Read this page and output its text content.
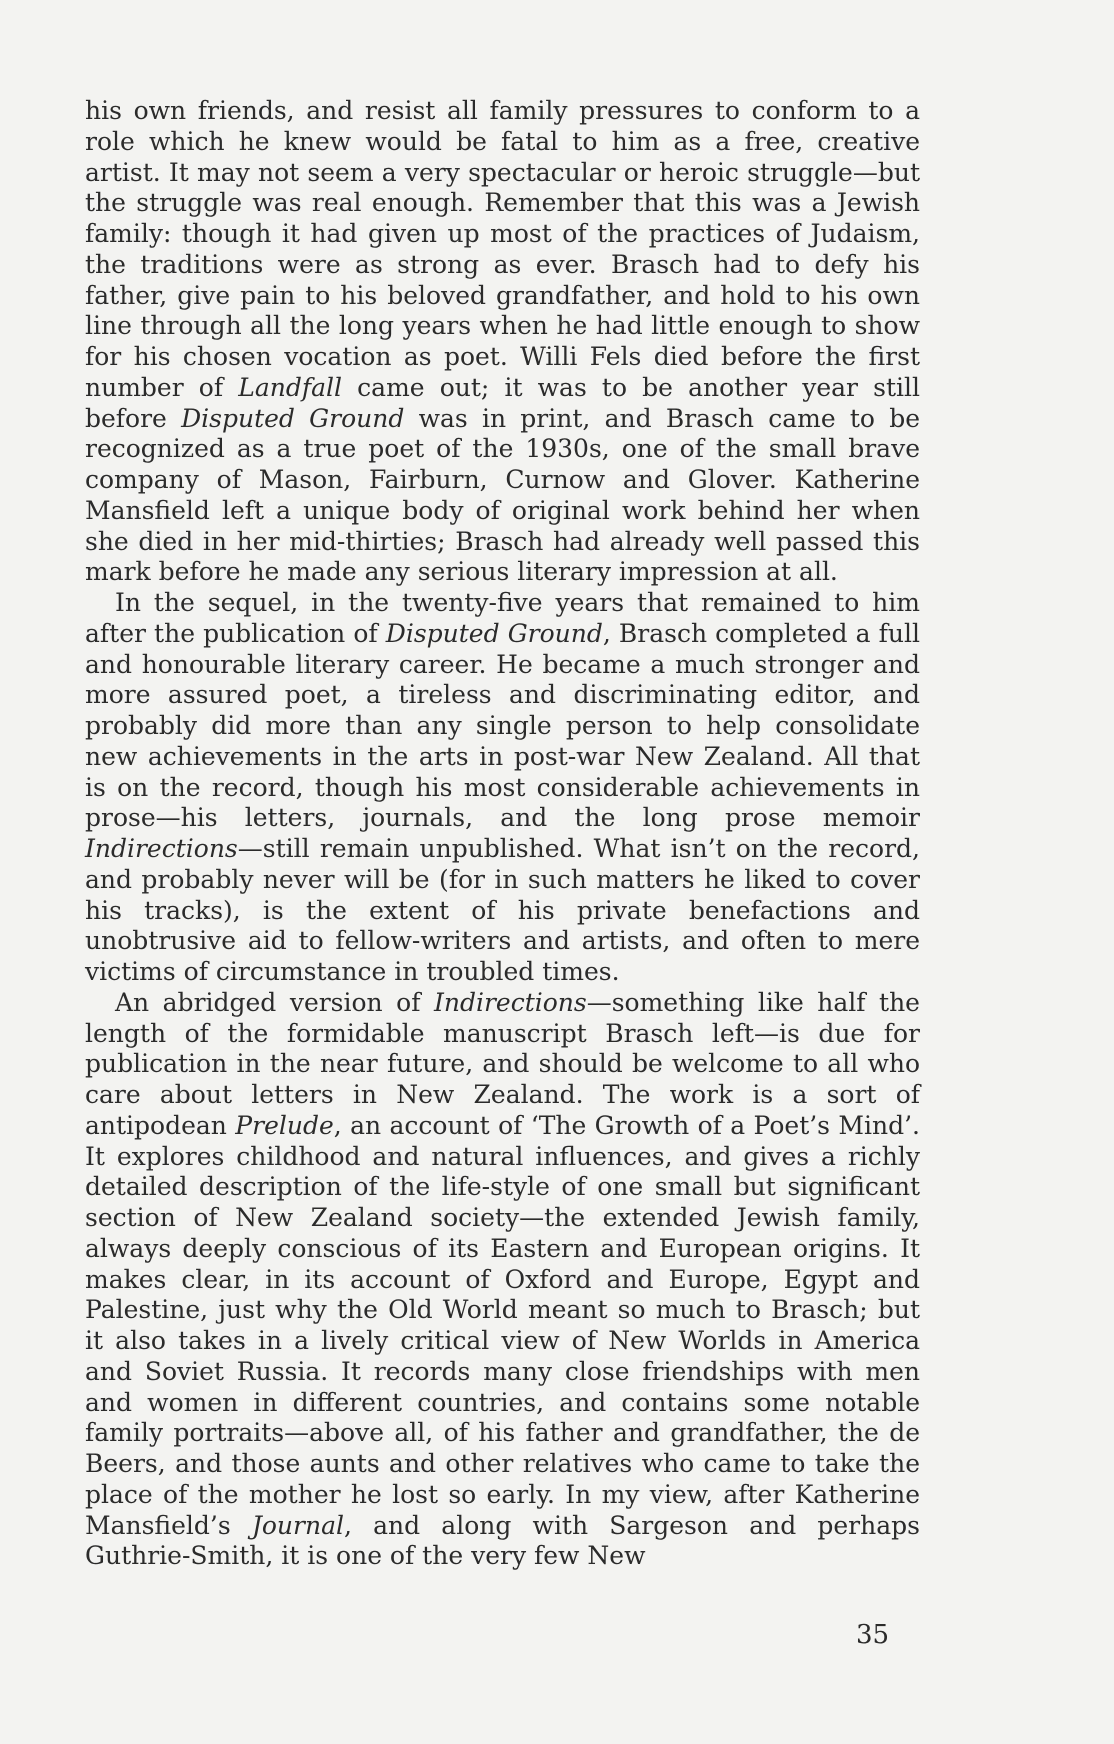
his own friends, and resist all family pressures to conform to a role which he knew would be fatal to him as a free, creative artist. It may not seem a very spectacular or heroic struggle—but the struggle was real enough. Remember that this was a Jewish family: though it had given up most of the practices of Judaism, the traditions were as strong as ever. Brasch had to defy his father, give pain to his beloved grandfather, and hold to his own line through all the long years when he had little enough to show for his chosen vocation as poet. Willi Fels died before the first number of Landfall came out; it was to be another year still before Disputed Ground was in print, and Brasch came to be recognized as a true poet of the 1930s, one of the small brave company of Mason, Fairburn, Curnow and Glover. Katherine Mansfield left a unique body of original work behind her when she died in her mid-thirties; Brasch had already well passed this mark before he made any serious literary impression at all.

In the sequel, in the twenty-five years that remained to him after the publication of Disputed Ground, Brasch completed a full and honourable literary career. He became a much stronger and more assured poet, a tireless and discriminating editor, and probably did more than any single person to help consolidate new achievements in the arts in post-war New Zealand. All that is on the record, though his most considerable achievements in prose—his letters, journals, and the long prose memoir Indirections—still remain unpublished. What isn’t on the record, and probably never will be (for in such matters he liked to cover his tracks), is the extent of his private benefactions and unobtrusive aid to fellow-writers and artists, and often to mere victims of circumstance in troubled times.

An abridged version of Indirections—something like half the length of the formidable manuscript Brasch left—is due for publication in the near future, and should be welcome to all who care about letters in New Zealand. The work is a sort of antipodean Prelude, an account of ‘The Growth of a Poet’s Mind’. It explores childhood and natural influences, and gives a richly detailed description of the life-style of one small but significant section of New Zealand society—the extended Jewish family, always deeply conscious of its Eastern and European origins. It makes clear, in its account of Oxford and Europe, Egypt and Palestine, just why the Old World meant so much to Brasch; but it also takes in a lively critical view of New Worlds in America and Soviet Russia. It records many close friendships with men and women in different countries, and contains some notable family portraits—above all, of his father and grandfather, the de Beers, and those aunts and other relatives who came to take the place of the mother he lost so early. In my view, after Katherine Mansfield’s Journal, and along with Sargeson and perhaps Guthrie-Smith, it is one of the very few New

35
